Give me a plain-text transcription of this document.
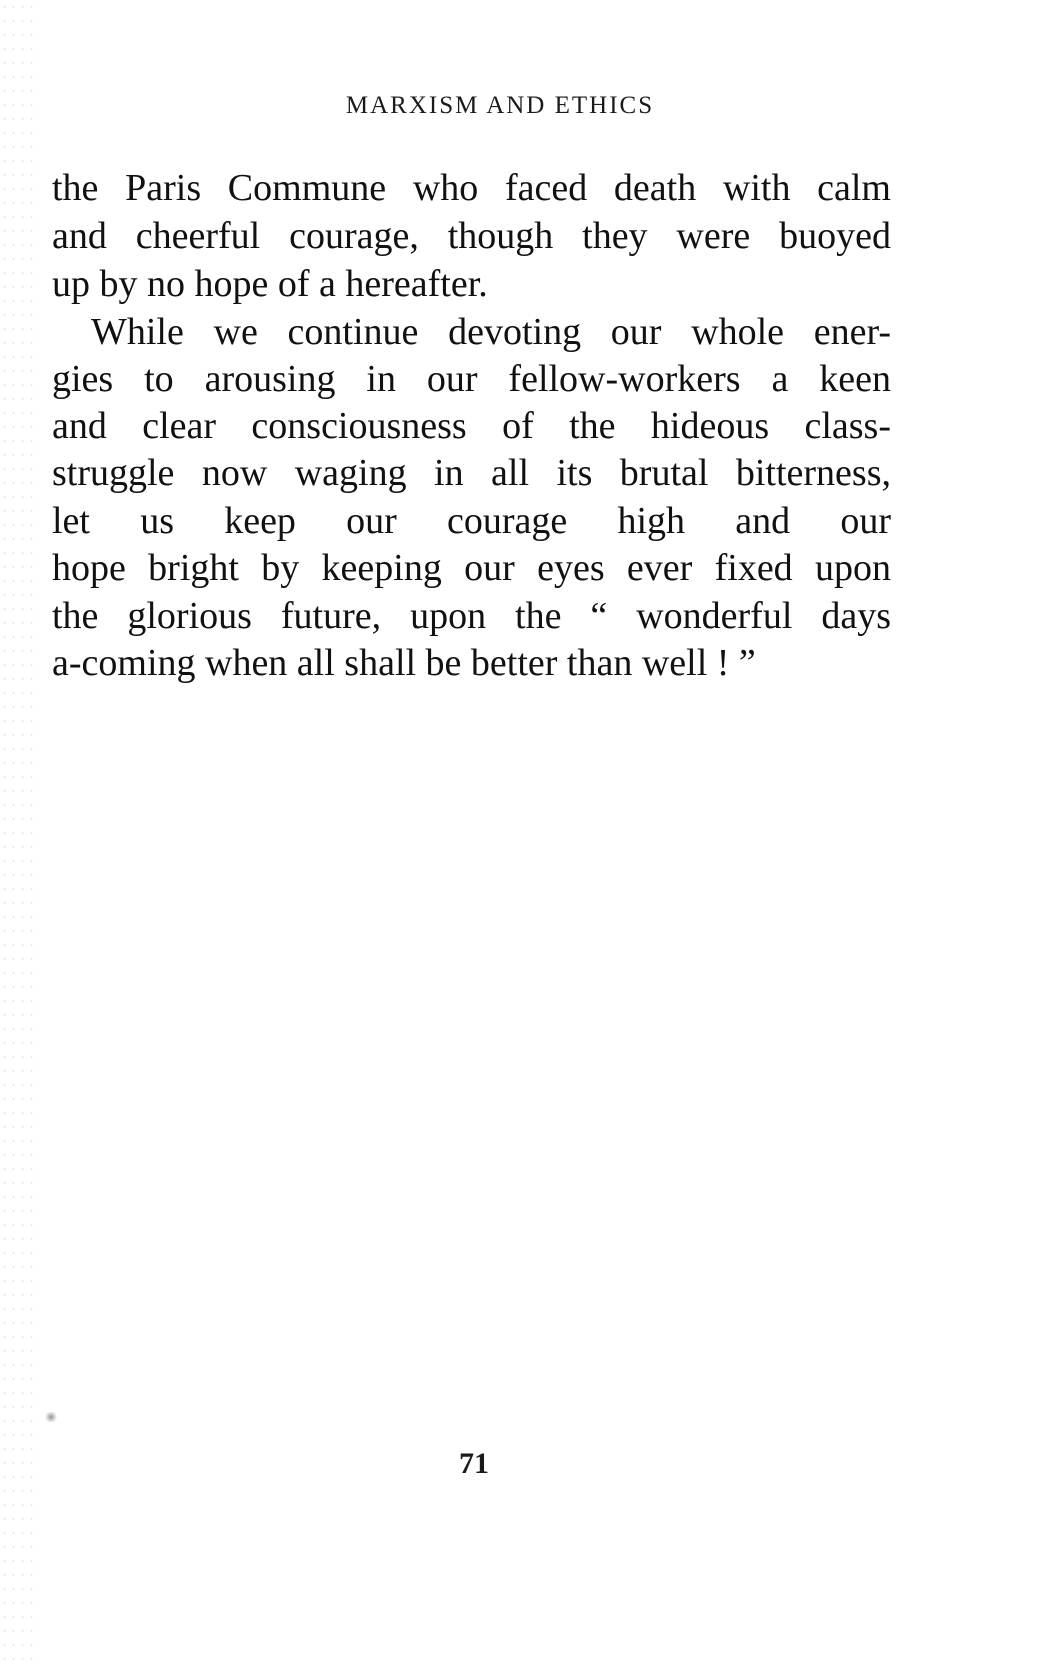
MARXISM AND ETHICS
the Paris Commune who faced death with calm
and cheerful courage, though they were buoyed
up by no hope of a hereafter.
While we continue devoting our whole ener-
gies to arousing in our fellow-workers a keen
and clear consciousness of the hideous class-
struggle now waging in all its brutal bitterness,
let us keep our courage high and our
hope bright by keeping our eyes ever fixed upon
the glorious future, upon the “ wonderful days
a-coming when all shall be better than well ! ”
71
